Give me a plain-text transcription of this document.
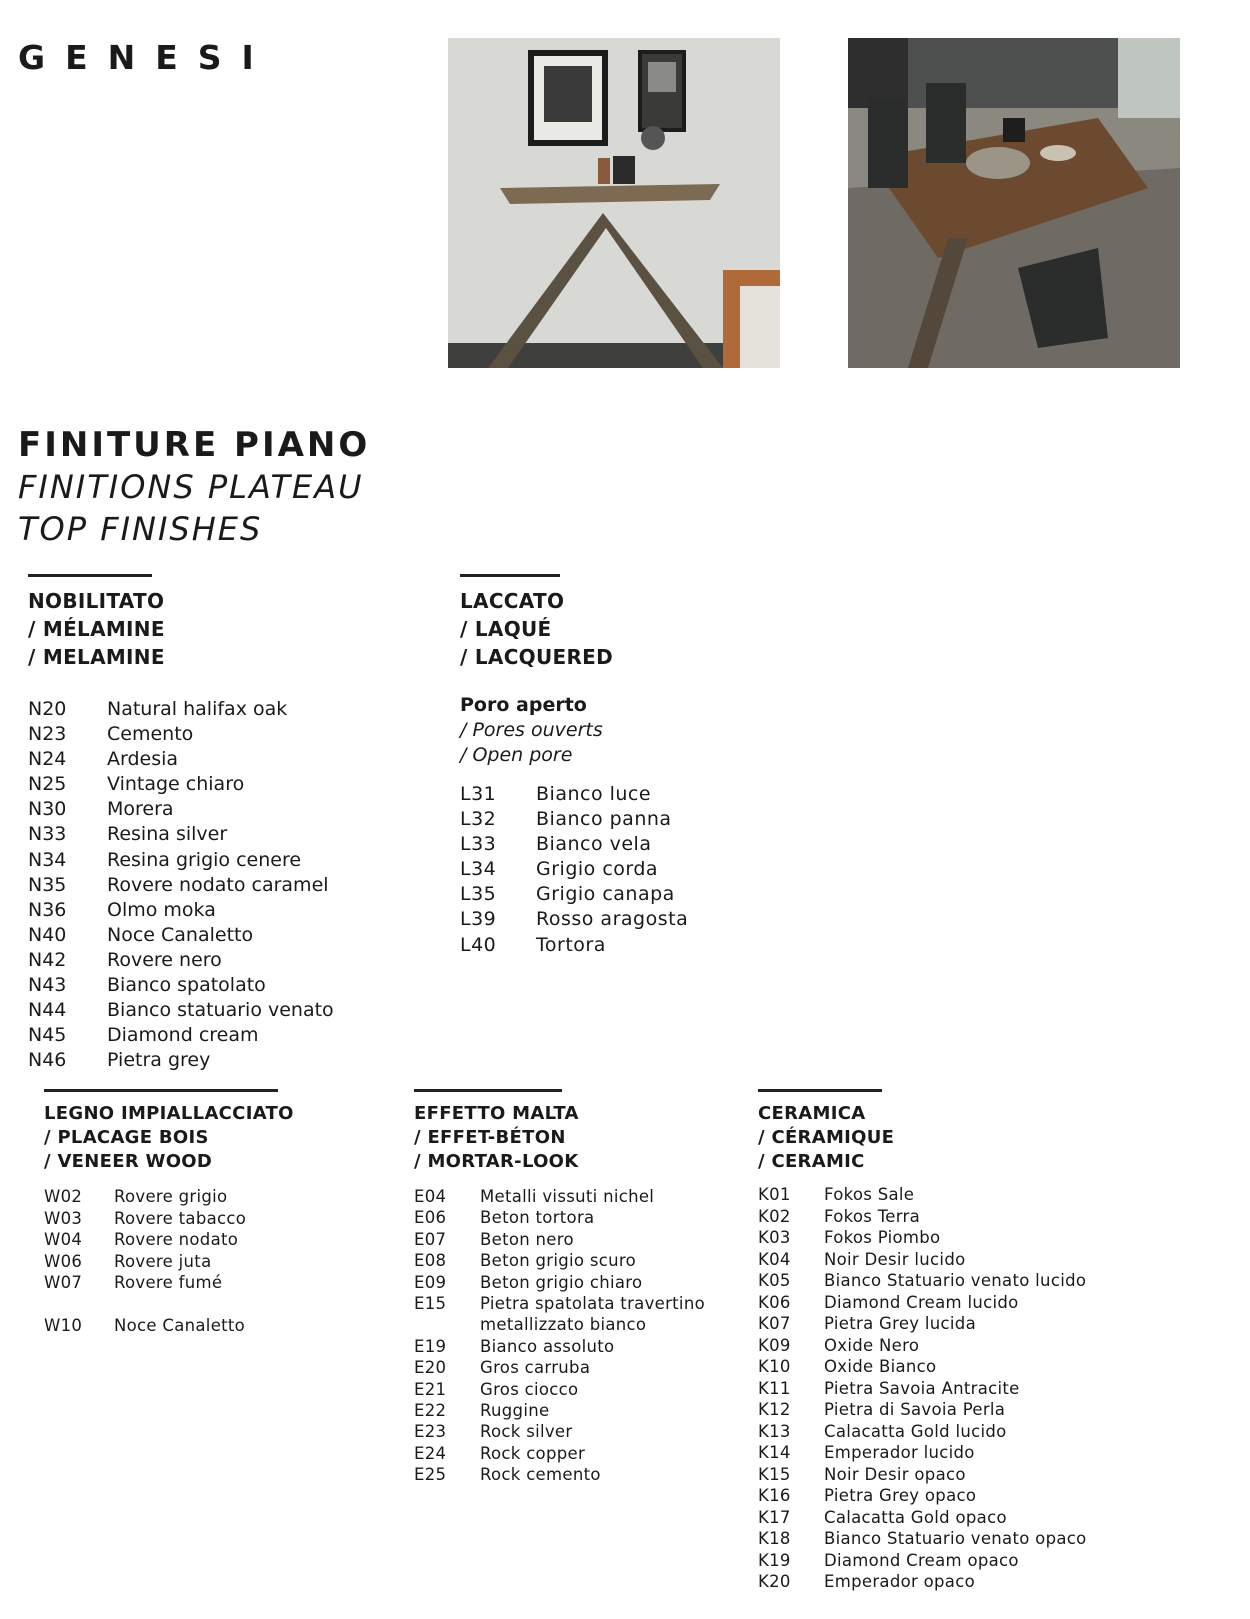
GENESI
FINITURE PIANO
FINITIONS PLATEAU
TOP FINISHES
NOBILITATO
/ MÉLAMINE
/ MELAMINE
N20	Natural halifax oak
N23	Cemento
N24	Ardesia
N25	Vintage chiaro
N30	Morera
N33	Resina silver
N34	Resina grigio cenere
N35	Rovere nodato caramel
N36	Olmo moka
N40	Noce Canaletto
N42	Rovere nero
N43	Bianco spatolato
N44	Bianco statuario venato
N45	Diamond cream
N46	Pietra grey
LACCATO
/ LAQUÉ
/ LACQUERED
Poro aperto
/ Pores ouverts
/ Open pore
L31	Bianco luce
L32	Bianco panna
L33	Bianco vela
L34	Grigio corda
L35	Grigio canapa
L39	Rosso aragosta
L40	Tortora
LEGNO IMPIALLACCIATO
/ PLACAGE BOIS
/ VENEER WOOD
W02	Rovere grigio
W03	Rovere tabacco
W04	Rovere nodato
W06	Rovere juta
W07	Rovere fumé
W10	Noce Canaletto
EFFETTO MALTA
/ EFFET-BÉTON
/ MORTAR-LOOK
E04	Metalli vissuti nichel
E06	Beton tortora
E07	Beton nero
E08	Beton grigio scuro
E09	Beton grigio chiaro
E15	Pietra spatolata travertino
metallizzato bianco
E19	Bianco assoluto
E20	Gros carruba
E21	Gros ciocco
E22	Ruggine
E23	Rock silver
E24	Rock copper
E25	Rock cemento
CERAMICA
/ CÉRAMIQUE
/ CERAMIC
K01	Fokos Sale
K02	Fokos Terra
K03	Fokos Piombo
K04	Noir Desir lucido
K05	Bianco Statuario venato lucido
K06	Diamond Cream lucido
K07	Pietra Grey lucida
K09	Oxide Nero
K10	Oxide Bianco
K11	Pietra Savoia Antracite
K12	Pietra di Savoia Perla
K13	Calacatta Gold lucido
K14	Emperador lucido
K15	Noir Desir opaco
K16	Pietra Grey opaco
K17	Calacatta Gold opaco
K18	Bianco Statuario venato opaco
K19	Diamond Cream opaco
K20	Emperador opaco
